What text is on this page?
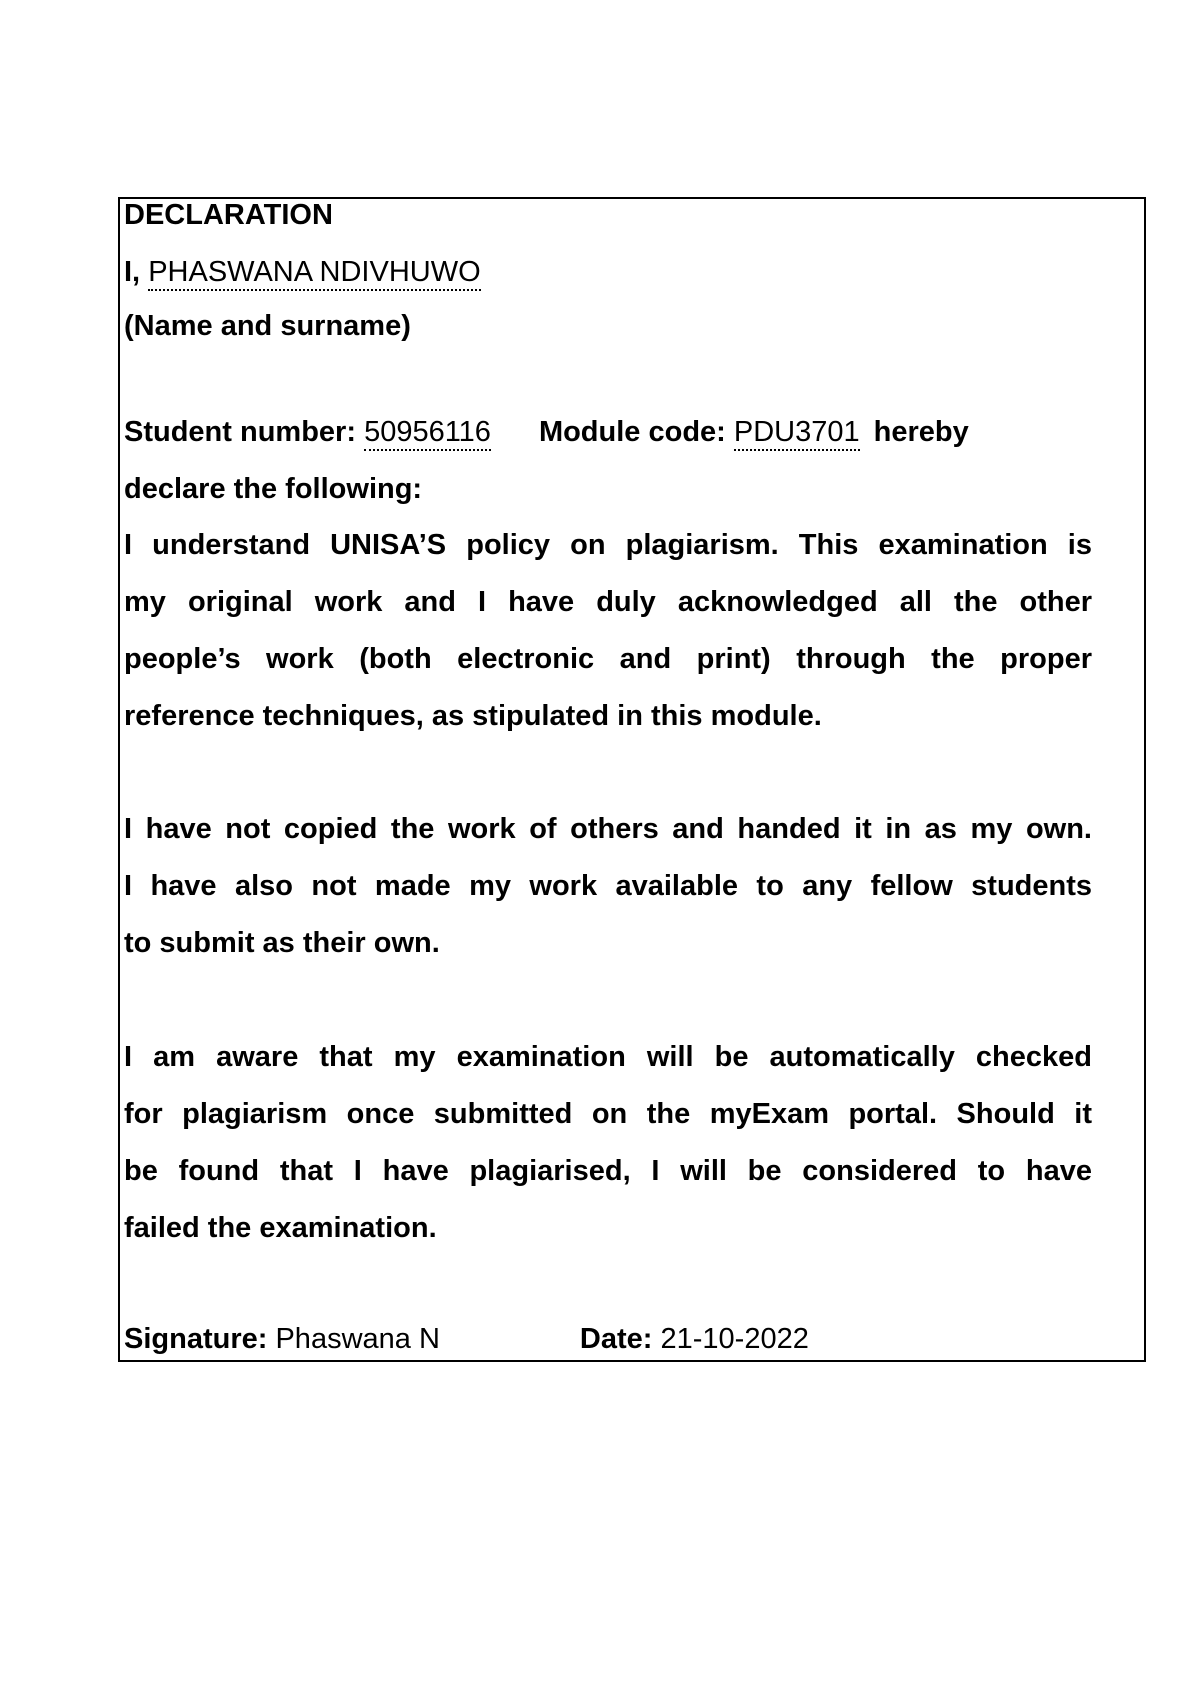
DECLARATION

I, PHASWANA NDIVHUWO

(Name and surname)

Student number: 50956116 Module code: PDU3701 hereby

declare the following:

I understand UNISA’S policy on plagiarism. This examination is

my original work and I have duly acknowledged all the other

people’s work (both electronic and print) through the proper

reference techniques, as stipulated in this module.

I have not copied the work of others and handed it in as my own.

I have also not made my work available to any fellow students

to submit as their own.

I am aware that my examination will be automatically checked

for plagiarism once submitted on the myExam portal. Should it

be found that I have plagiarised, I will be considered to have

failed the examination.

Signature: Phaswana N	Date: 21-10-2022
